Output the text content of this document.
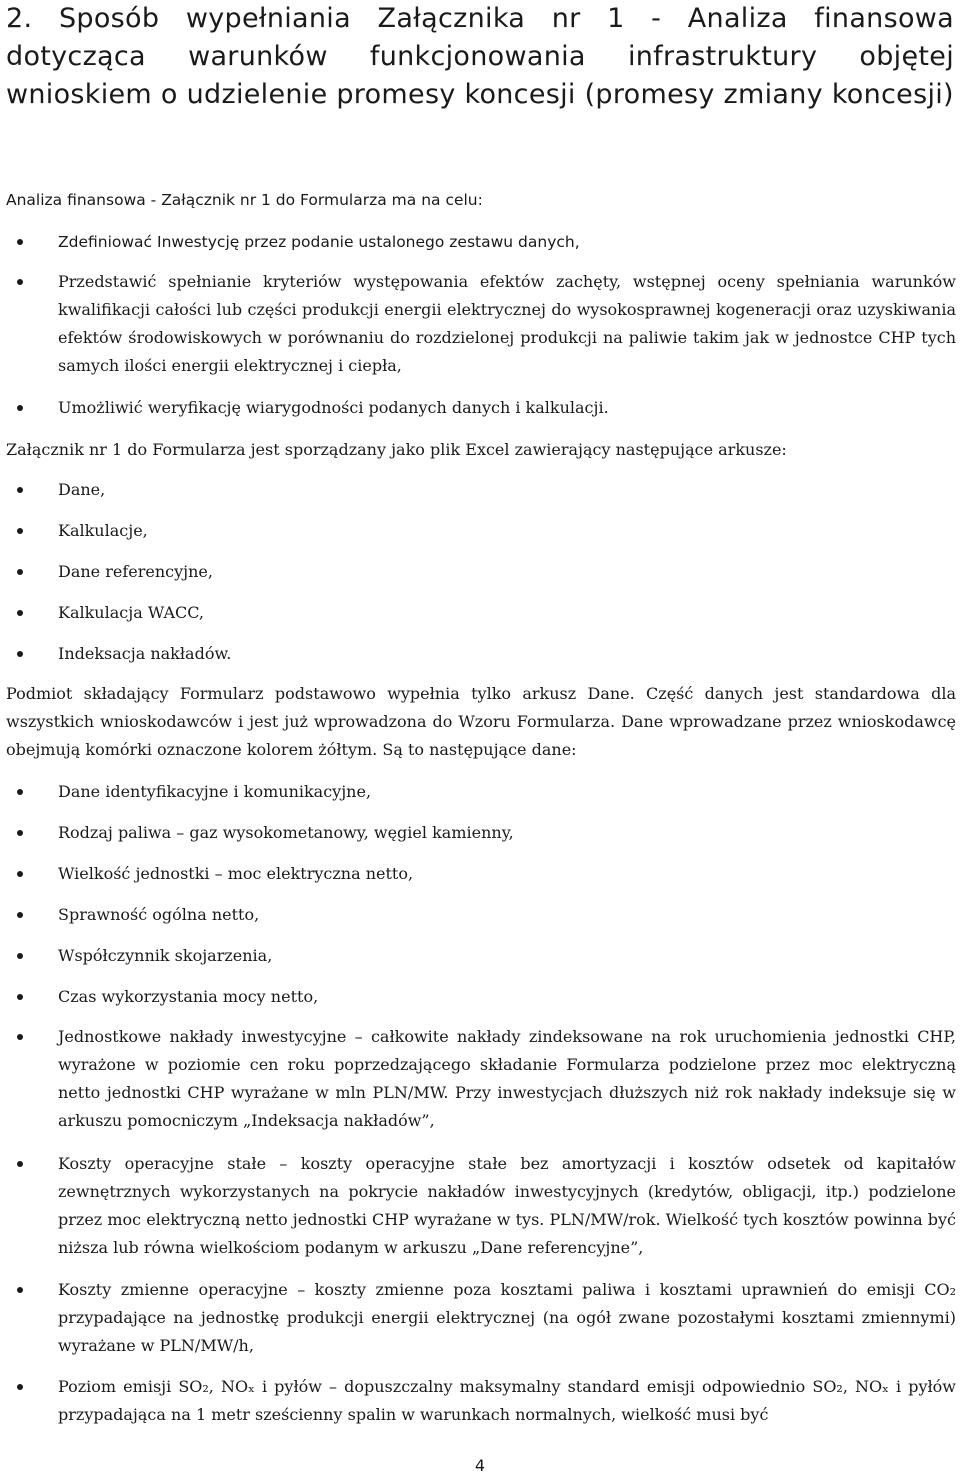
2. Sposób wypełniania Załącznika nr 1 - Analiza finansowa dotycząca warunków funkcjonowania infrastruktury objętej wnioskiem o udzielenie promesy koncesji (promesy zmiany koncesji)

Analiza finansowa - Załącznik nr 1 do Formularza ma na celu:

Zdefiniować Inwestycję przez podanie ustalonego zestawu danych,

Przedstawić spełnianie kryteriów występowania efektów zachęty, wstępnej oceny spełniania warunków kwalifikacji całości lub części produkcji energii elektrycznej do wysokosprawnej kogeneracji oraz uzyskiwania efektów środowiskowych w porównaniu do rozdzielonej produkcji na paliwie takim jak w jednostce CHP tych samych ilości energii elektrycznej i ciepła,

Umożliwić weryfikację wiarygodności podanych danych i kalkulacji.

Załącznik nr 1 do Formularza jest sporządzany jako plik Excel zawierający następujące arkusze:

Dane,

Kalkulacje,

Dane referencyjne,

Kalkulacja WACC,

Indeksacja nakładów.

Podmiot składający Formularz podstawowo wypełnia tylko arkusz Dane. Część danych jest standardowa dla wszystkich wnioskodawców i jest już wprowadzona do Wzoru Formularza. Dane wprowadzane przez wnioskodawcę obejmują komórki oznaczone kolorem żółtym. Są to następujące dane:

Dane identyfikacyjne i komunikacyjne,

Rodzaj paliwa – gaz wysokometanowy, węgiel kamienny,

Wielkość jednostki – moc elektryczna netto,

Sprawność ogólna netto,

Współczynnik skojarzenia,

Czas wykorzystania mocy netto,

Jednostkowe nakłady inwestycyjne – całkowite nakłady zindeksowane na rok uruchomienia jednostki CHP, wyrażone w poziomie cen roku poprzedzającego składanie Formularza podzielone przez moc elektryczną netto jednostki CHP wyrażane w mln PLN/MW. Przy inwestycjach dłuższych niż rok nakłady indeksuje się w arkuszu pomocniczym „Indeksacja nakładów”,

Koszty operacyjne stałe – koszty operacyjne stałe bez amortyzacji i kosztów odsetek od kapitałów zewnętrznych wykorzystanych na pokrycie nakładów inwestycyjnych (kredytów, obligacji, itp.) podzielone przez moc elektryczną netto jednostki CHP wyrażane w tys. PLN/MW/rok. Wielkość tych kosztów powinna być niższa lub równa wielkościom podanym w arkuszu „Dane referencyjne”,

Koszty zmienne operacyjne – koszty zmienne poza kosztami paliwa i kosztami uprawnień do emisji CO₂ przypadające na jednostkę produkcji energii elektrycznej (na ogół zwane pozostałymi kosztami zmiennymi) wyrażane w PLN/MW/h,

Poziom emisji SO₂, NOₓ i pyłów – dopuszczalny maksymalny standard emisji odpowiednio SO₂, NOₓ i pyłów przypadająca na 1 metr sześcienny spalin w warunkach normalnych, wielkość musi być

4
